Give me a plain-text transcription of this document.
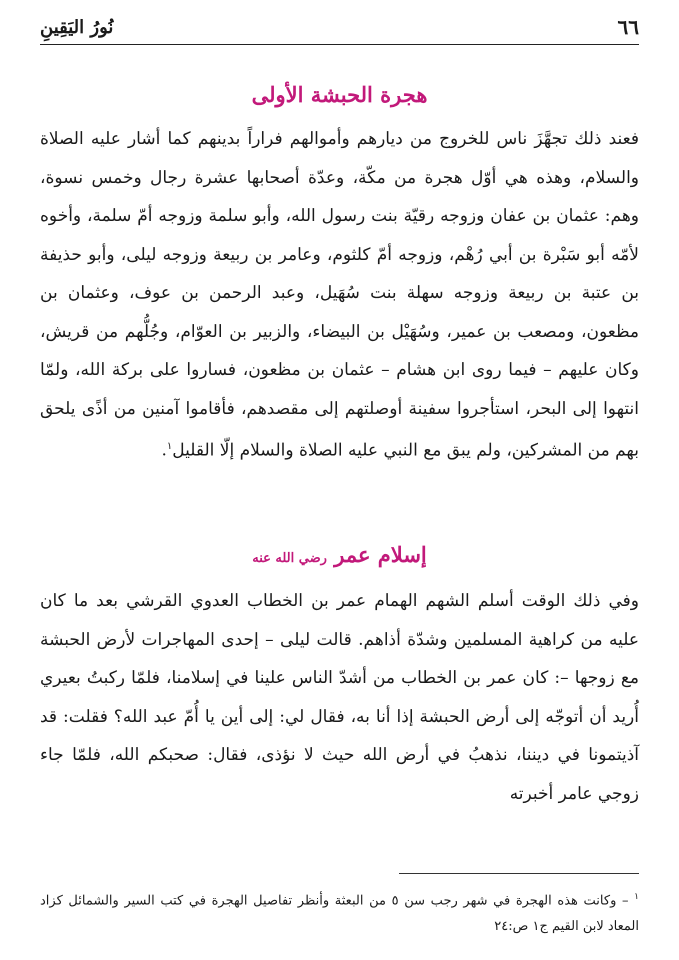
٦٦
نُورُ اليَقِينِ
هجرة الحبشة الأولى
فعند ذلك تجهَّزَ ناس للخروج من ديارهم وأموالهم فراراً بدينهم كما أشار عليه الصلاة والسلام، وهذه هي أوّل هجرة من مكّة، وعدّة أصحابها عشرة رجال وخمس نسوة، وهم: عثمان بن عفان وزوجه رقيّة بنت رسول الله، وأبو سلمة وزوجه أمّ سلمة، وأخوه لأمّه أبو سَبْرة بن أبي رُهْم، وزوجه أمّ كلثوم، وعامر بن ربيعة وزوجه ليلى، وأبو حذيفة بن عتبة بن ربيعة وزوجه سهلة بنت سُهَيل، وعبد الرحمن بن عوف، وعثمان بن مظعون، ومصعب بن عمير، وسُهَيْل بن البيضاء، والزبير بن العوّام، وجُلُّهم من قريش، وكان عليهم – فيما روى ابن هشام – عثمان بن مظعون، فساروا على بركة الله، ولمّا انتهوا إلى البحر، استأجروا سفينة أوصلتهم إلى مقصدهم، فأقاموا آمنين من أذًى يلحق بهم من المشركين، ولم يبق مع النبي عليه الصلاة والسلام إلّا القليل$^١$.
إسلام عمر رضي الله عنه
وفي ذلك الوقت أسلم الشهم الهمام عمر بن الخطاب العدوي القرشي بعد ما كان عليه من كراهية المسلمين وشدّة أذاهم. قالت ليلى – إحدى المهاجرات لأرض الحبشة مع زوجها –: كان عمر بن الخطاب من أشدّ الناس علينا في إسلامنا، فلمّا ركبتُ بعيري أُريد أن أتوجّه إلى أرض الحبشة إذا أنا به، فقال لي: إلى أين يا أُمّ عبد الله؟ فقلت: قد آذيتمونا في ديننا، نذهبُ في أرض الله حيث لا نؤذى، فقال: صحبكم الله، فلمّا جاء زوجي عامر أخبرته
$^١$ – وكانت هذه الهجرة في شهر رجب سن ٥ من البعثة وأنظر تفاصيل الهجرة في كتب السير والشمائل كزاد المعاد لابن القيم ج١ ص:٢٤
